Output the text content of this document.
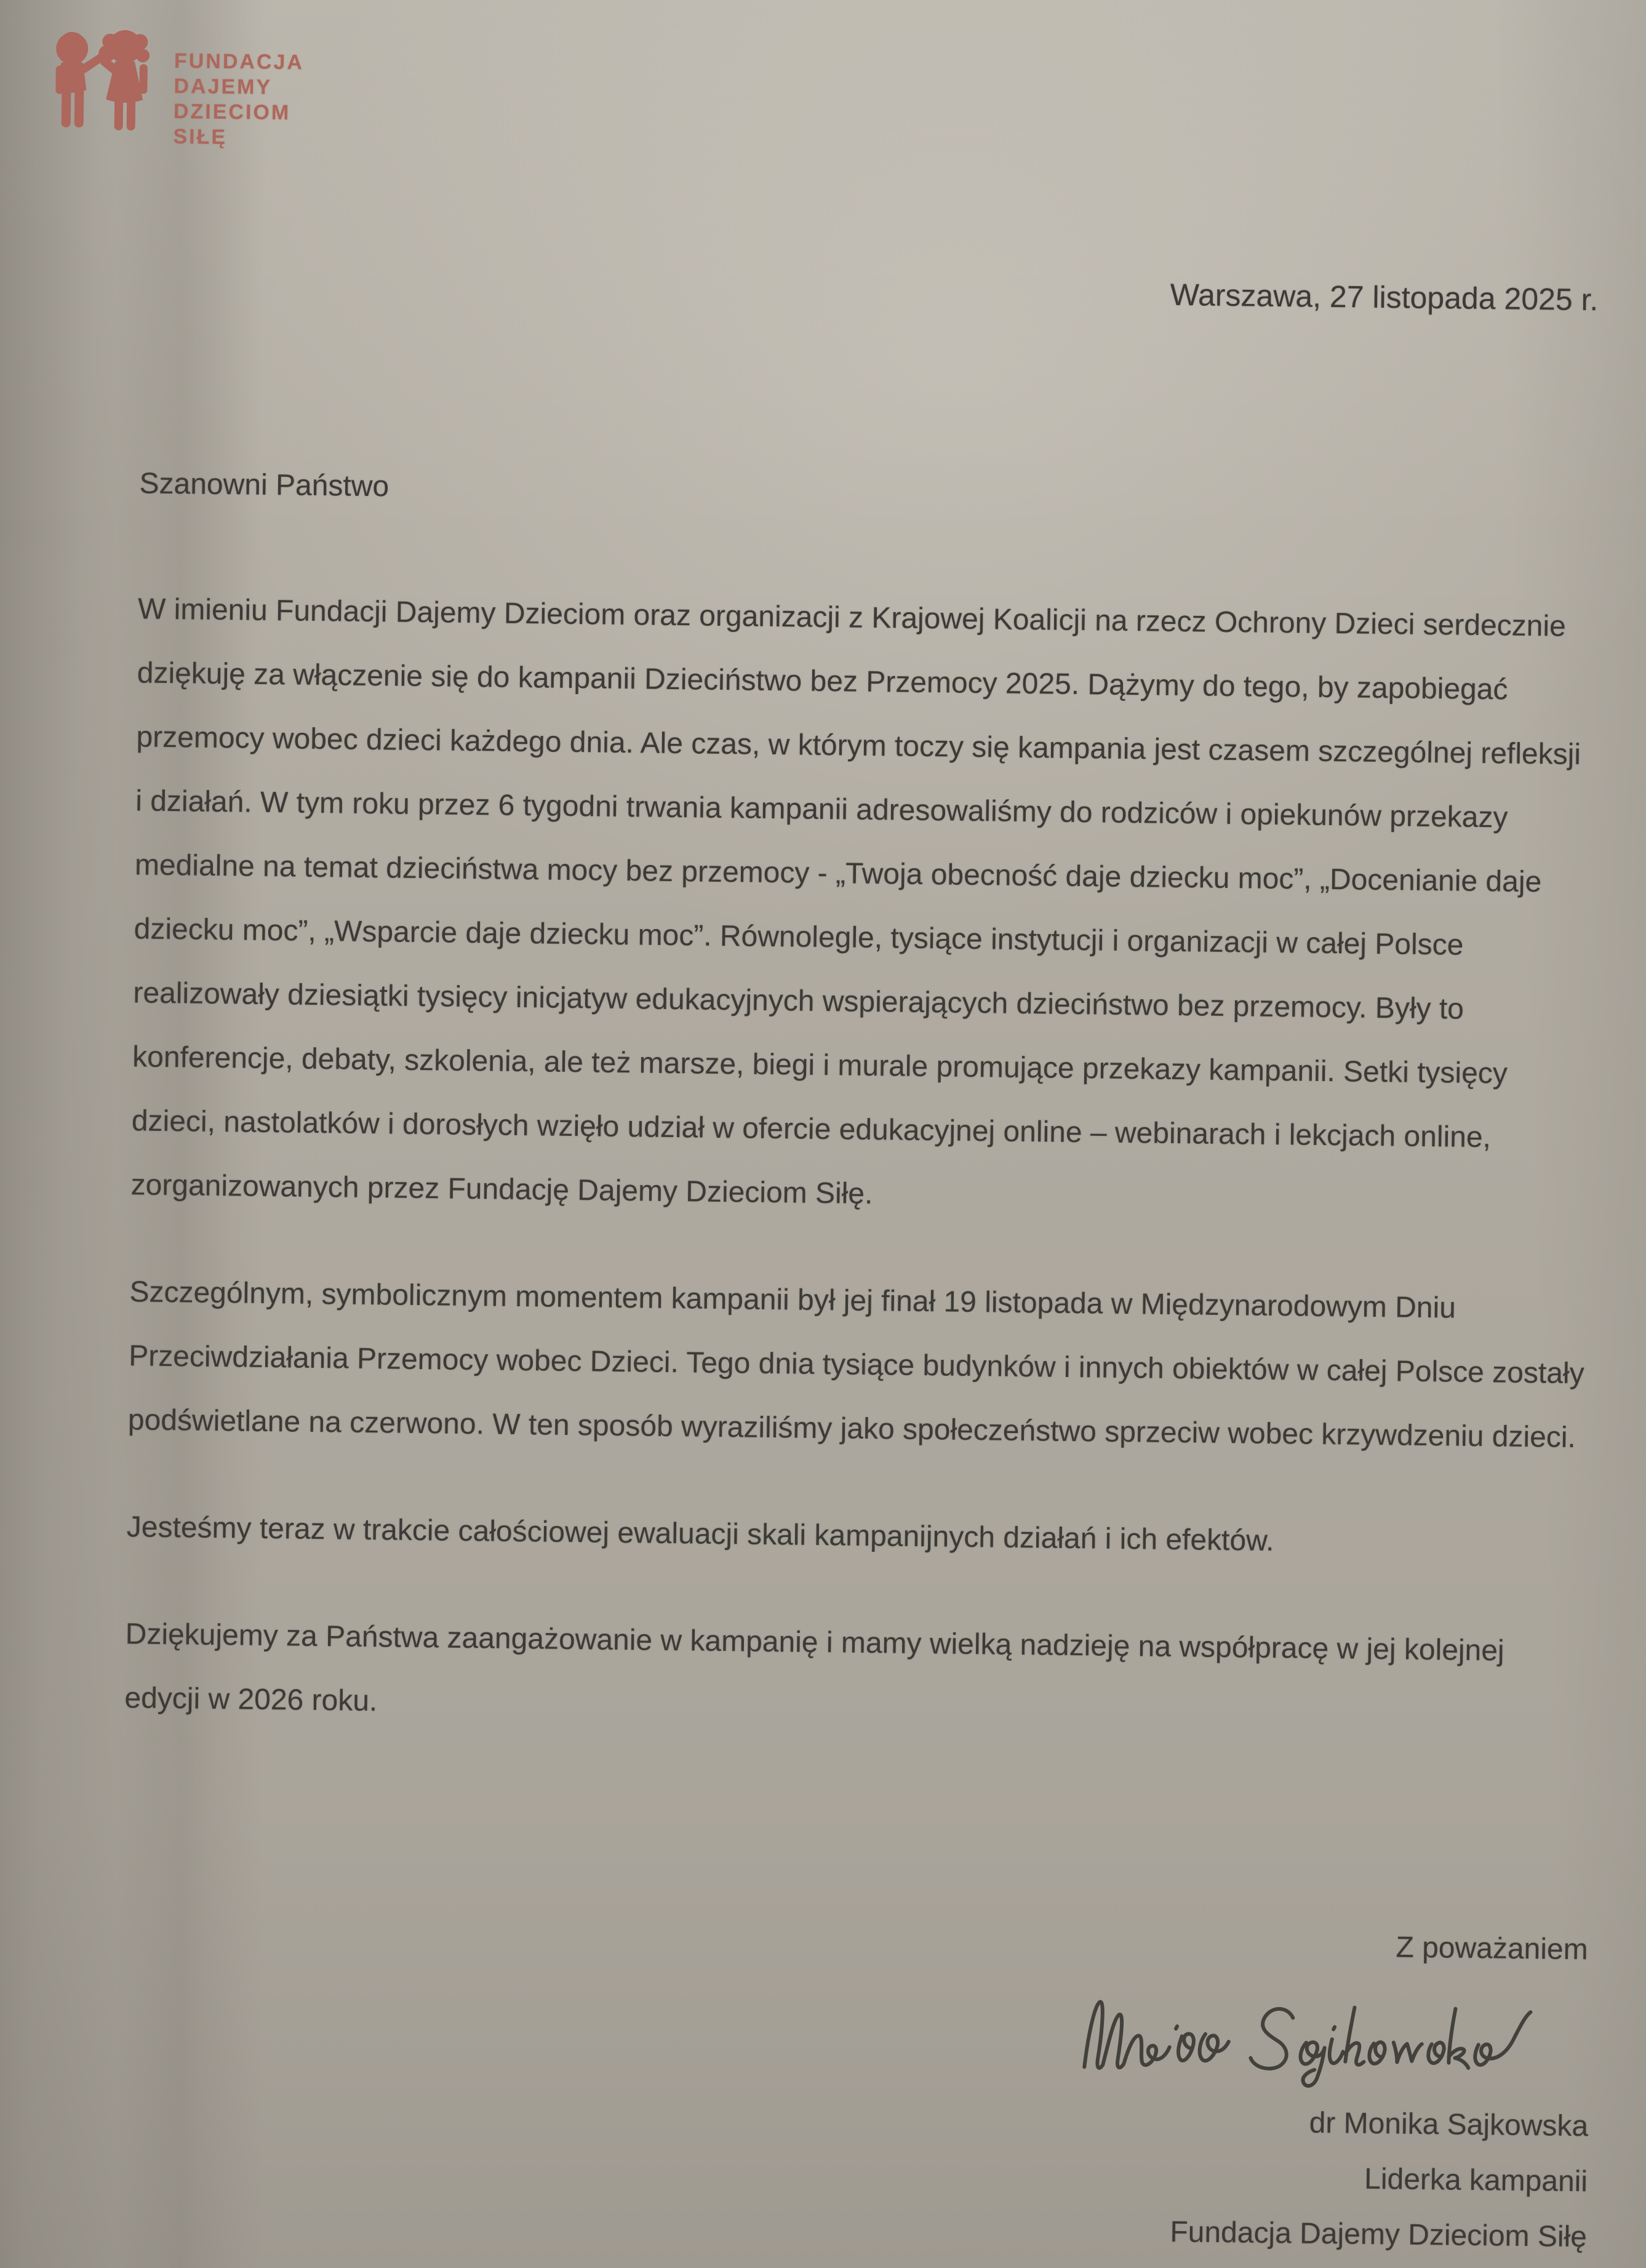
FUNDACJA
DAJEMY
DZIECIOM
SIŁĘ
Warszawa, 27 listopada 2025 r.
Szanowni Państwo

W imieniu Fundacji Dajemy Dzieciom oraz organizacji z Krajowej Koalicji na rzecz Ochrony Dzieci serdecznie dziękuję za włączenie się do kampanii Dzieciństwo bez Przemocy 2025. Dążymy do tego, by zapobiegać przemocy wobec dzieci każdego dnia. Ale czas, w którym toczy się kampania jest czasem szczególnej refleksji i działań. W tym roku przez 6 tygodni trwania kampanii adresowaliśmy do rodziców i opiekunów przekazy medialne na temat dzieciństwa mocy bez przemocy - „Twoja obecność daje dziecku moc”, „Docenianie daje dziecku moc”, „Wsparcie daje dziecku moc”. Równolegle, tysiące instytucji i organizacji w całej Polsce realizowały dziesiątki tysięcy inicjatyw edukacyjnych wspierających dzieciństwo bez przemocy. Były to konferencje, debaty, szkolenia, ale też marsze, biegi i murale promujące przekazy kampanii. Setki tysięcy dzieci, nastolatków i dorosłych wzięło udział w ofercie edukacyjnej online – webinarach i lekcjach online, zorganizowanych przez Fundację Dajemy Dzieciom Siłę.

Szczególnym, symbolicznym momentem kampanii był jej finał 19 listopada w Międzynarodowym Dniu Przeciwdziałania Przemocy wobec Dzieci. Tego dnia tysiące budynków i innych obiektów w całej Polsce zostały podświetlane na czerwono. W ten sposób wyraziliśmy jako społeczeństwo sprzeciw wobec krzywdzeniu dzieci.

Jesteśmy teraz w trakcie całościowej ewaluacji skali kampanijnych działań i ich efektów.

Dziękujemy za Państwa zaangażowanie w kampanię i mamy wielką nadzieję na współpracę w jej kolejnej edycji w 2026 roku.

Z poważaniem
dr Monika Sajkowska
Liderka kampanii
Fundacja Dajemy Dzieciom Siłę
